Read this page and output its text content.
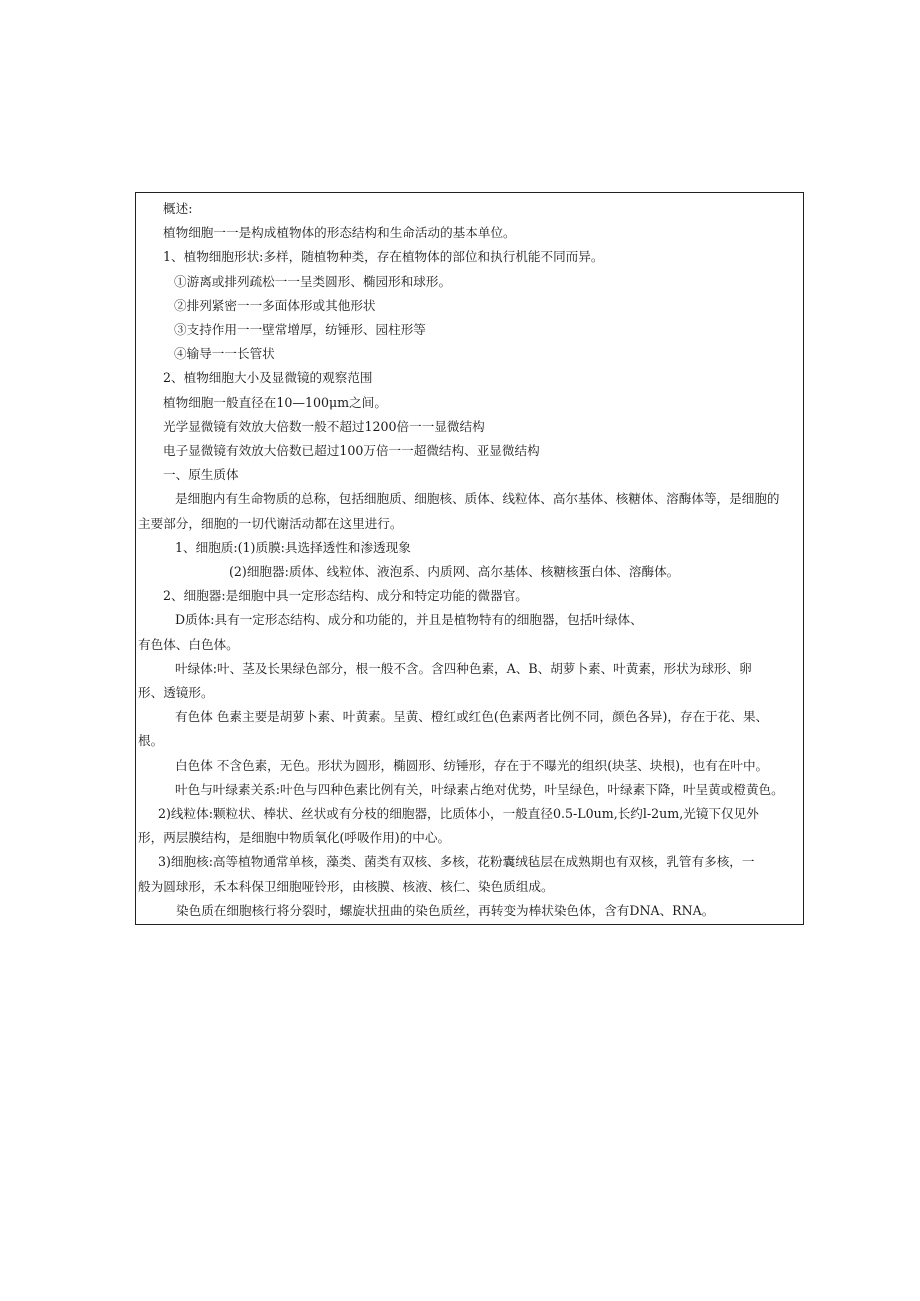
概述:
植物细胞一一是构成植物体的形态结构和生命活动的基本单位。
1、植物细胞形状:多样，随植物种类，存在植物体的部位和执行机能不同而异。
①游离或排列疏松一一呈类圆形、椭园形和球形。
②排列紧密一一多面体形或其他形状
③支持作用一一壁常增厚，纺锤形、园柱形等
④输导一一长管状
2、植物细胞大小及显微镜的观察范围
植物细胞一般直径在10—100μm之间。
光学显微镜有效放大倍数一般不超过1200倍一一显微结构
电子显微镜有效放大倍数已超过100万倍一一超微结构、亚显微结构
一、原生质体
是细胞内有生命物质的总称，包括细胞质、细胞核、质体、线粒体、高尔基体、核糖体、溶酶体等，是细胞的
主要部分，细胞的一切代谢活动都在这里进行。
1、细胞质:(1)质膜:具选择透性和渗透现象
(2)细胞器:质体、线粒体、液泡系、内质网、高尔基体、核糖核蛋白体、溶酶体。
2、细胞器:是细胞中具一定形态结构、成分和特定功能的微器官。
D质体:具有一定形态结构、成分和功能的，并且是植物特有的细胞器，包括叶绿体、
有色体、白色体。
叶绿体:叶、茎及长果绿色部分，根一般不含。含四种色素，A、B、胡萝卜素、叶黄素，形状为球形、卵
形、透镜形。
有色体 色素主要是胡萝卜素、叶黄素。呈黄、橙红或红色(色素两者比例不同，颜色各异)，存在于花、果、
根。
白色体 不含色素，无色。形状为圆形，椭圆形、纺锤形，存在于不曝光的组织(块茎、块根)，也有在叶中。
叶色与叶绿素关系:叶色与四种色素比例有关，叶绿素占绝对优势，叶呈绿色，叶绿素下降，叶呈黄或橙黄色。
2)线粒体:颗粒状、棒状、丝状或有分枝的细胞器，比质体小，一般直径0.5-L0um,长约l-2um,光镜下仅见外
形，两层膜结构，是细胞中物质氧化(呼吸作用)的中心。
3)细胞核:高等植物通常单核，藻类、菌类有双核、多核，花粉囊绒毡层在成熟期也有双核，乳管有多核，一
般为圆球形，禾本科保卫细胞哑铃形，由核膜、核液、核仁、染色质组成。
染色质在细胞核行将分裂时，螺旋状扭曲的染色质丝，再转变为棒状染色体，含有DNA、RNA。
